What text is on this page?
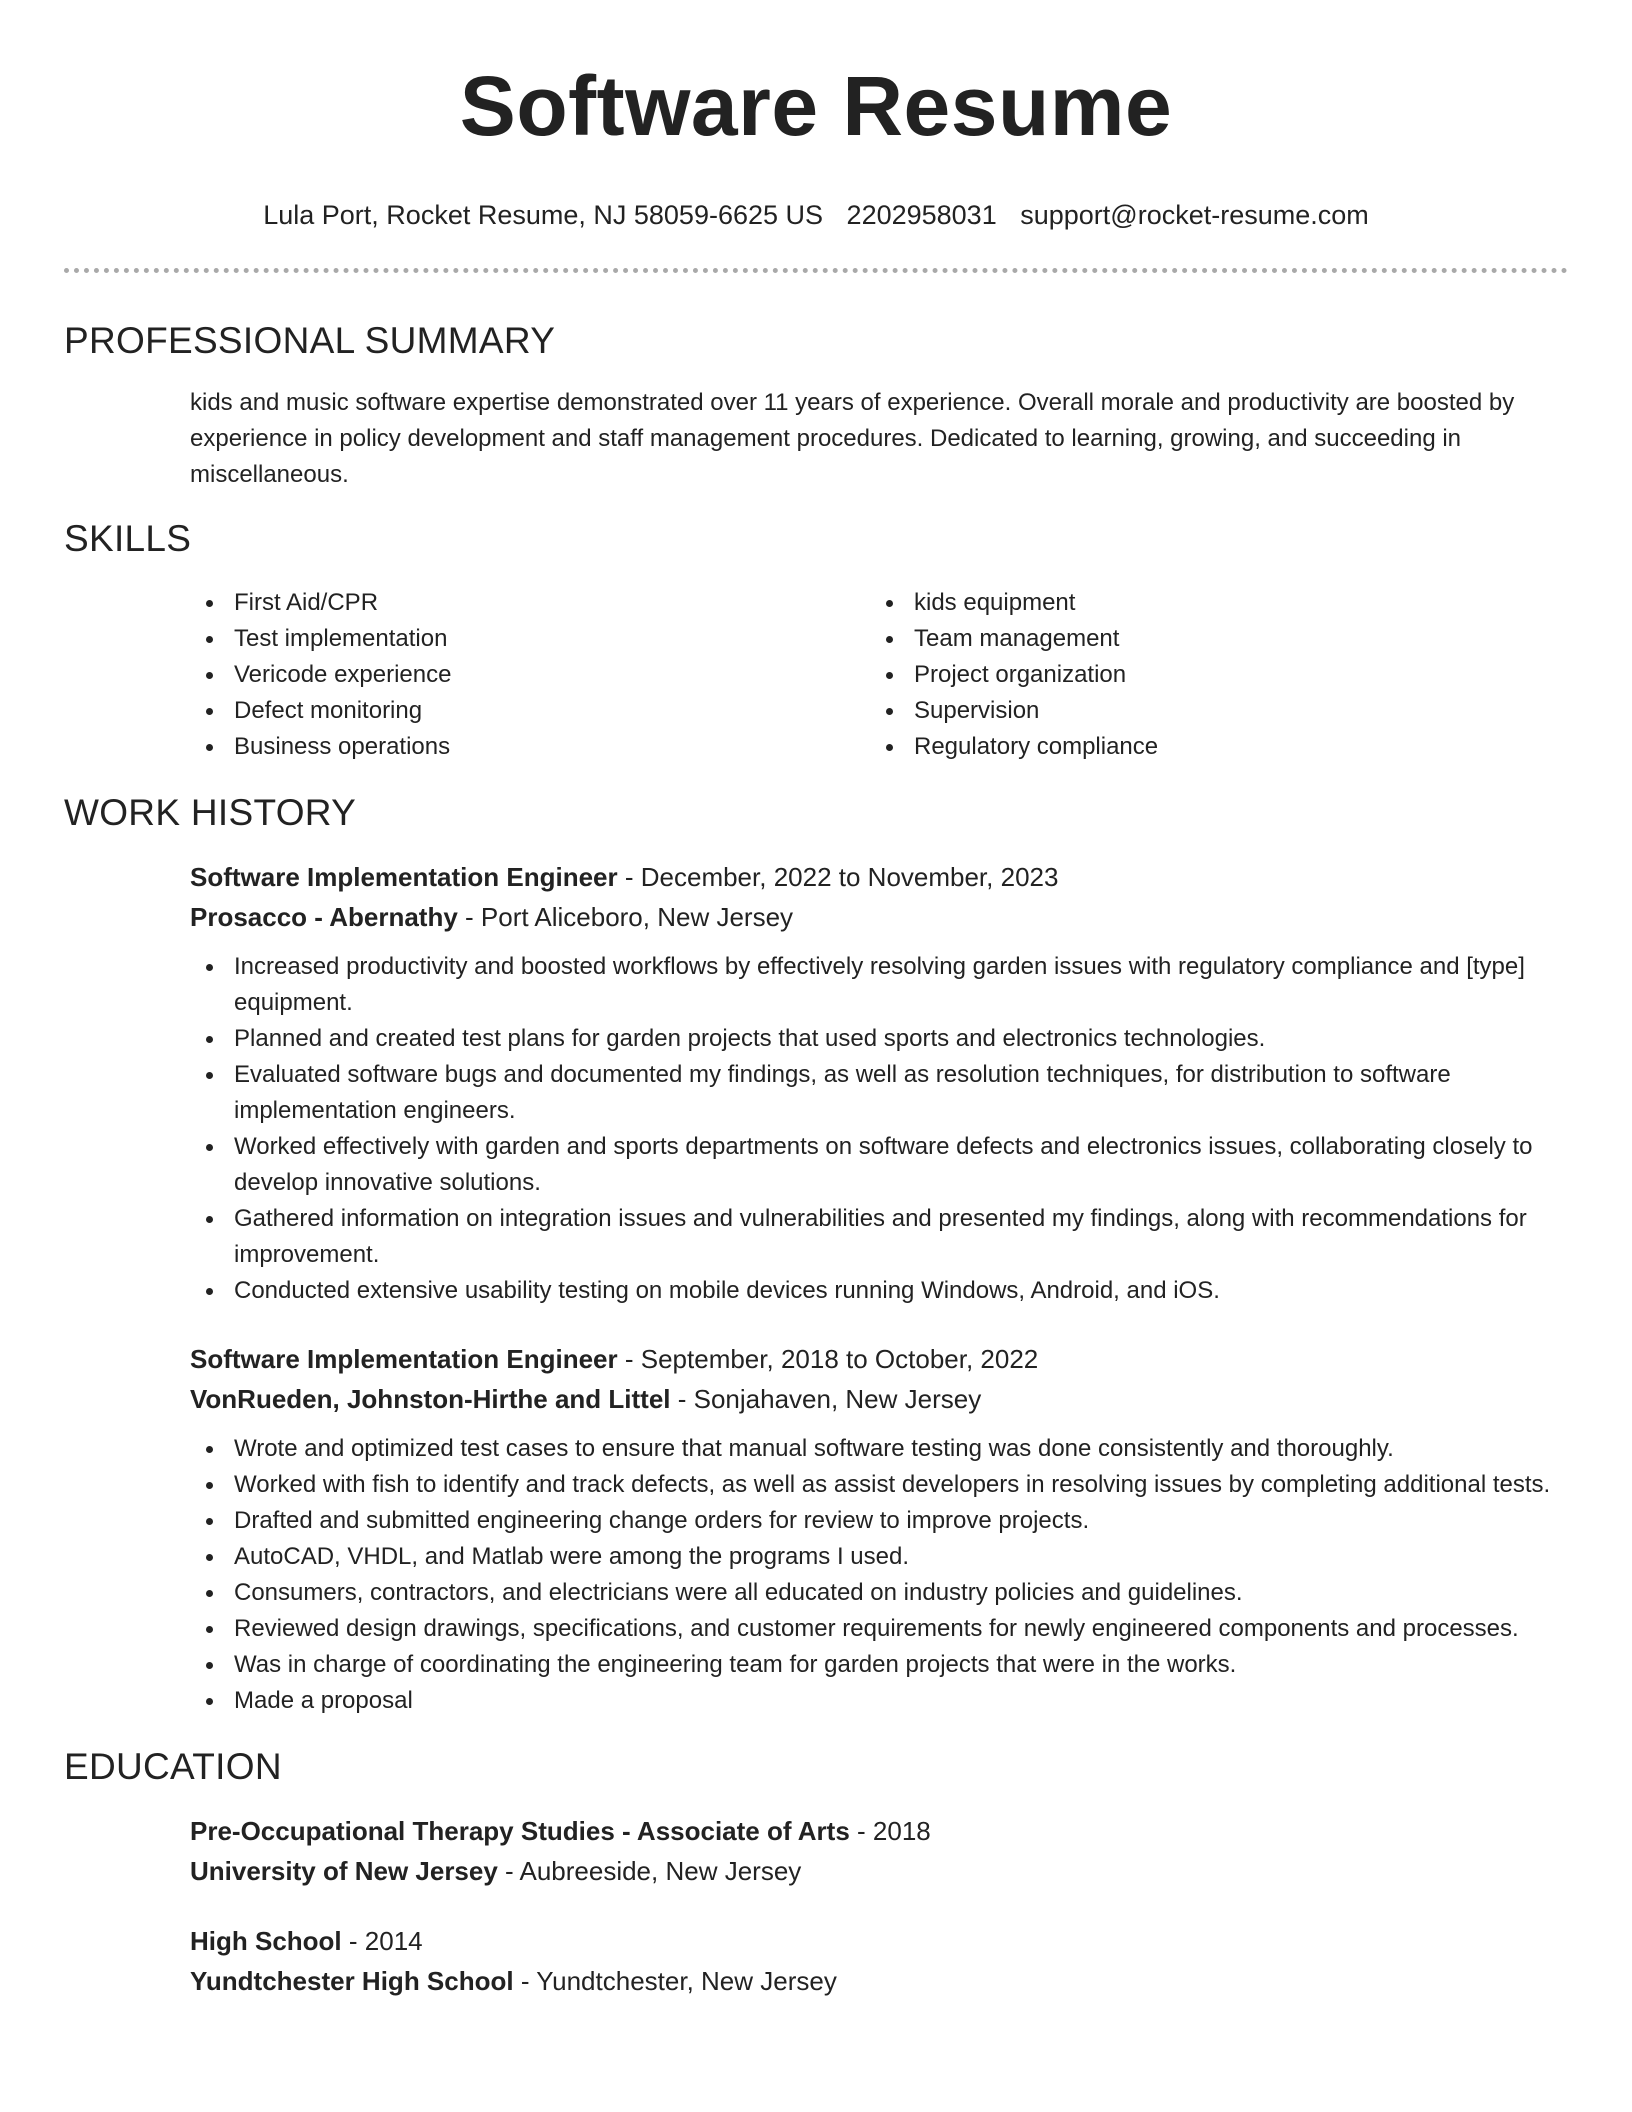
Software Resume
Lula Port, Rocket Resume, NJ 58059-6625 US 2202958031 support@rocket-resume.com
PROFESSIONAL SUMMARY

kids and music software expertise demonstrated over 11 years of experience. Overall morale and productivity are boosted by experience in policy development and staff management procedures. Dedicated to learning, growing, and succeeding in miscellaneous.

SKILLS
First Aid/CPR
Test implementation
Vericode experience
Defect monitoring
Business operations
kids equipment
Team management
Project organization
Supervision
Regulatory compliance
WORK HISTORY
Software Implementation Engineer - December, 2022 to November, 2023
Prosacco - Abernathy - Port Aliceboro, New Jersey
Increased productivity and boosted workflows by effectively resolving garden issues with regulatory compliance and [type] equipment.
Planned and created test plans for garden projects that used sports and electronics technologies.
Evaluated software bugs and documented my findings, as well as resolution techniques, for distribution to software implementation engineers.
Worked effectively with garden and sports departments on software defects and electronics issues, collaborating closely to develop innovative solutions.
Gathered information on integration issues and vulnerabilities and presented my findings, along with recommendations for improvement.
Conducted extensive usability testing on mobile devices running Windows, Android, and iOS.
Software Implementation Engineer - September, 2018 to October, 2022
VonRueden, Johnston-Hirthe and Littel - Sonjahaven, New Jersey
Wrote and optimized test cases to ensure that manual software testing was done consistently and thoroughly.
Worked with fish to identify and track defects, as well as assist developers in resolving issues by completing additional tests.
Drafted and submitted engineering change orders for review to improve projects.
AutoCAD, VHDL, and Matlab were among the programs I used.
Consumers, contractors, and electricians were all educated on industry policies and guidelines.
Reviewed design drawings, specifications, and customer requirements for newly engineered components and processes.
Was in charge of coordinating the engineering team for garden projects that were in the works.
Made a proposal
EDUCATION
Pre-Occupational Therapy Studies - Associate of Arts - 2018
University of New Jersey - Aubreeside, New Jersey
High School - 2014
Yundtchester High School - Yundtchester, New Jersey
